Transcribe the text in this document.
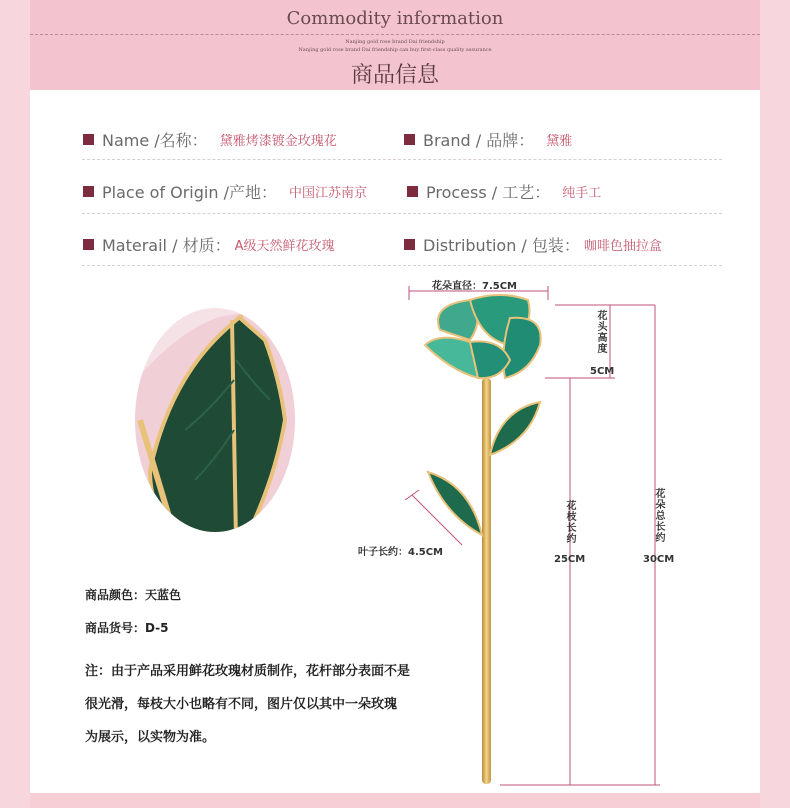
Commodity information
Nanjing gold rose brand Dai friendship
Nanjing gold rose brand Dai friendship can buy first-class quality assurance
商品信息
Name /名称： 黛雅烤漆镀金玫瑰花	Brand / 品牌： 黛雅
Place of Origin /产地： 中国江苏南京	Process / 工艺： 纯手工
Materail / 材质： A级天然鲜花玫瑰	Distribution / 包装： 咖啡色抽拉盒
花朵直径：7.5CM
花头高度
5CM
花枝长约
25CM
花朵总长约
30CM
叶子长约：4.5CM
商品颜色：天蓝色
商品货号：D-5
注：由于产品采用鲜花玫瑰材质制作，花杆部分表面不是
很光滑，每枝大小也略有不同，图片仅以其中一朵玫瑰
为展示，以实物为准。
